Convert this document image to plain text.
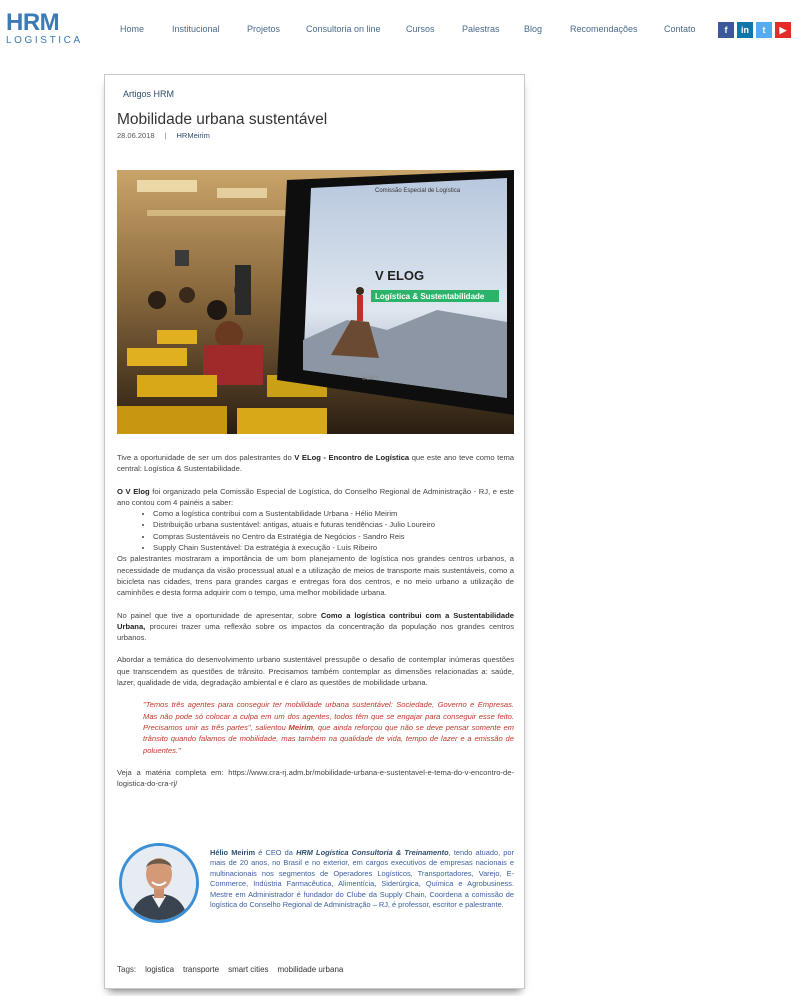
HRM
LOGISTICA
Home	Institucional	Projetos	Consultoria on line	Cursos	Palestras	Blog	Recomendações	Contato	f	in	t	▶
Artigos HRM
Mobilidade urbana sustentável
28.06.2018	|	HRMeirim
Comissão Especial de Logística
V ELOG
Logística & Sustentabilidade
SONY

Tive a oportunidade de ser um dos palestrantes do V ELog - Encontro de Logística que este ano teve como tema central: Logística & Sustentabilidade.

O V Elog foi organizado pela Comissão Especial de Logística, do Conselho Regional de Administração - RJ, e este ano contou com 4 painéis a saber:
• Como a logística contribui com a Sustentabilidade Urbana - Hélio Meirim
• Distribuição urbana sustentável: antigas, atuais e futuras tendências - Julio Loureiro
• Compras Sustentáveis no Centro da Estratégia de Negócios - Sandro Reis
• Supply Chain Sustentável: Da estratégia à execução - Luis Ribeiro

Os palestrantes mostraram a importância de um bom planejamento de logística nos grandes centros urbanos, a necessidade de mudança da visão processual atual e a utilização de meios de transporte mais sustentáveis, como a bicicleta nas cidades, trens para grandes cargas e entregas fora dos centros, e no meio urbano a utilização de caminhões e desta forma adquirir com o tempo, uma melhor mobilidade urbana.

No painel que tive a oportunidade de apresentar, sobre Como a logística contribui com a Sustentabilidade Urbana, procurei trazer uma reflexão sobre os impactos da concentração da população nos grandes centros urbanos.

Abordar a temática do desenvolvimento urbano sustentável pressupõe o desafio de contemplar inúmeras questões que transcendem as questões de trânsito. Precisamos também contemplar as dimensões relacionadas a: saúde, lazer, qualidade de vida, degradação ambiental e é claro as questões de mobilidade urbana.

"Temos três agentes para conseguir ter mobilidade urbana sustentável: Sociedade, Governo e Empresas. Mas não pode só colocar a culpa em um dos agentes, todos têm que se engajar para conseguir esse feito. Precisamos unir as três partes", salientou Meirim, que ainda reforçou que não se deve pensar somente em trânsito quando falamos de mobilidade, mas também na qualidade de vida, tempo de lazer e a emissão de poluentes."

Veja a matéria completa em: https://www.cra-rj.adm.br/mobilidade-urbana-e-sustentavel-e-tema-do-v-encontro-de-logistica-do-cra-rj/

Hélio Meirim é CEO da HRM Logística Consultoria & Treinamento, tendo atuado, por mais de 20 anos, no Brasil e no exterior, em cargos executivos de empresas nacionais e multinacionais nos segmentos de Operadores Logísticos, Transportadores, Varejo, E-Commerce, Indústria Farmacêutica, Alimentícia, Siderúrgica, Química e Agrobusiness. Mestre em Administrador é fundador do Clube da Supply Chain, Coordena a comissão de logística do Conselho Regional de Administração – RJ, é professor, escritor e palestrante.
Tags: logistica transporte smart cities mobilidade urbana
